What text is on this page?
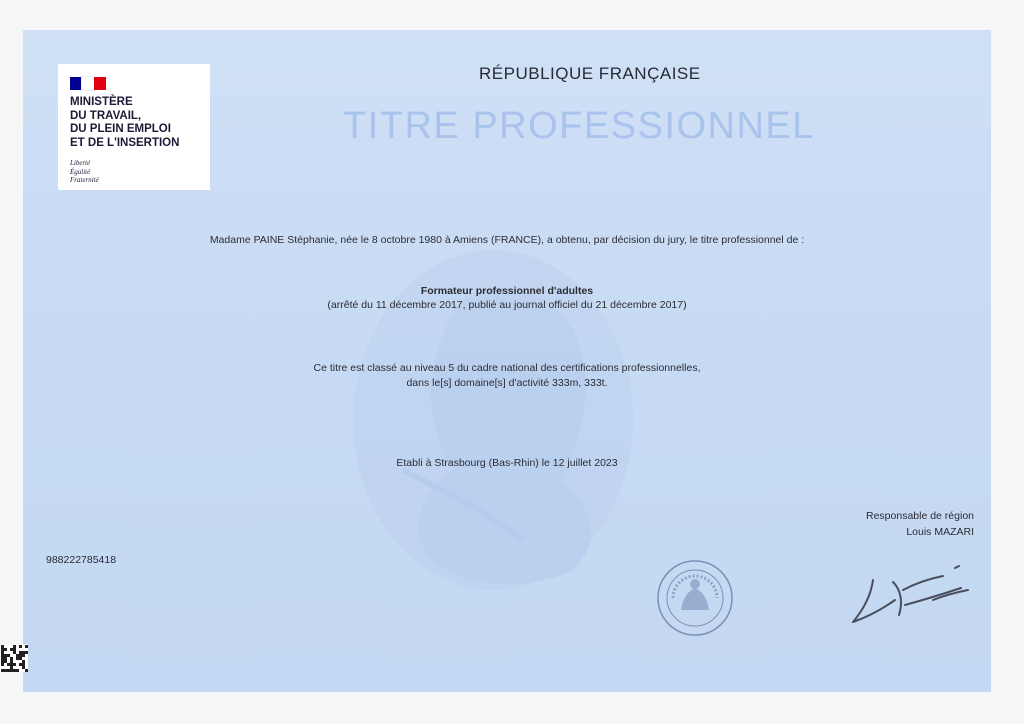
MINISTÈRE
DU TRAVAIL,
DU PLEIN EMPLOI
ET DE L'INSERTION
Liberté
Égalité
Fraternité
RÉPUBLIQUE FRANÇAISE
TITRE PROFESSIONNEL
Madame PAINE Stéphanie, née le 8 octobre 1980 à Amiens (FRANCE), a obtenu, par décision du jury, le titre professionnel de :
Formateur professionnel d'adultes
(arrêté du 11 décembre 2017, publié au journal officiel du 21 décembre 2017)
Ce titre est classé au niveau 5 du cadre national des certifications professionnelles,
dans le[s] domaine[s] d'activité 333m, 333t.
Etabli à Strasbourg (Bas-Rhin) le 12 juillet 2023
Responsable de région
Louis MAZARI
988222785418
